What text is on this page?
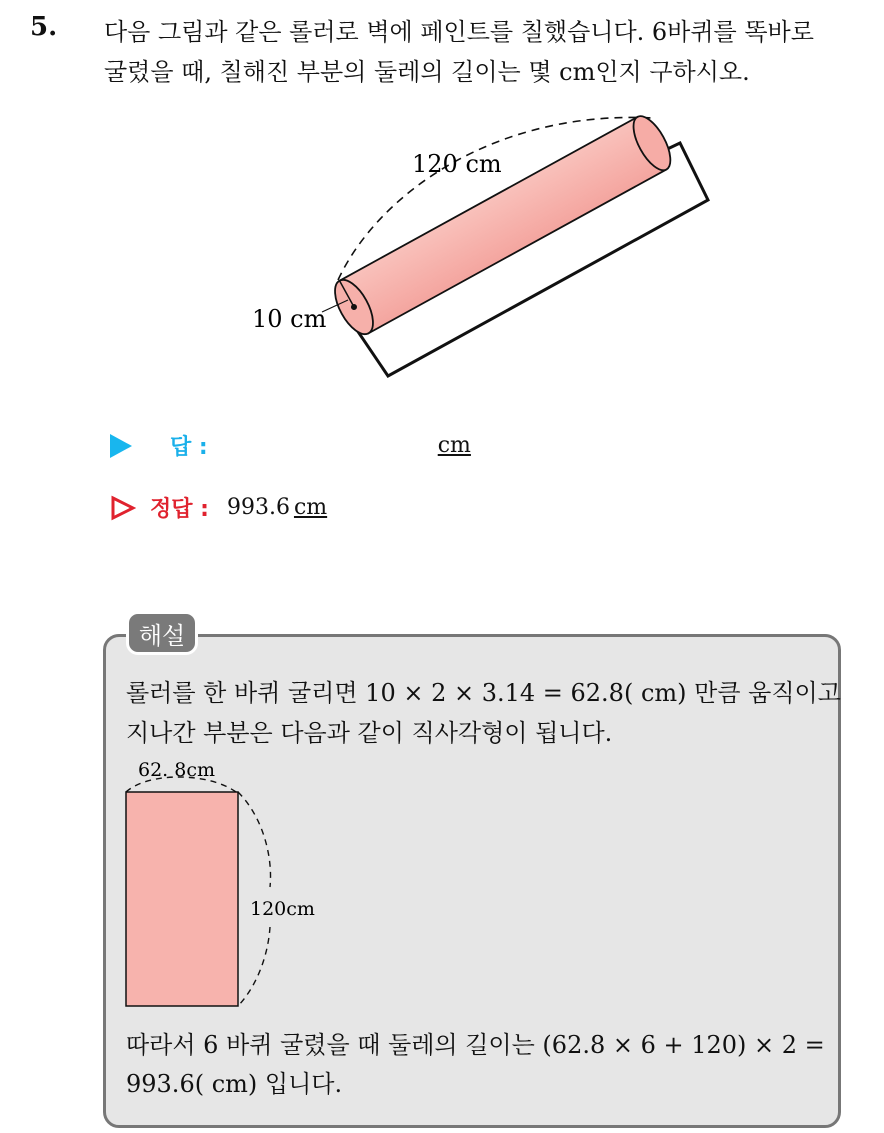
5. 다음 그림과 같은 롤러로 벽에 페인트를 칠했습니다. 6바퀴를 똑바로
굴렸을 때, 칠해진 부분의 둘레의 길이는 몇 cm인지 구하시오.
120 cm
10 cm
답 :	cm
정답 : 993.6 cm
해설
롤러를 한 바퀴 굴리면 10 × 2 × 3.14 = 62.8( cm) 만큼 움직이고
지나간 부분은 다음과 같이 직사각형이 됩니다.
62. 8cm
120cm
따라서 6 바퀴 굴렸을 때 둘레의 길이는 (62.8 × 6 + 120) × 2 =
993.6( cm) 입니다.
